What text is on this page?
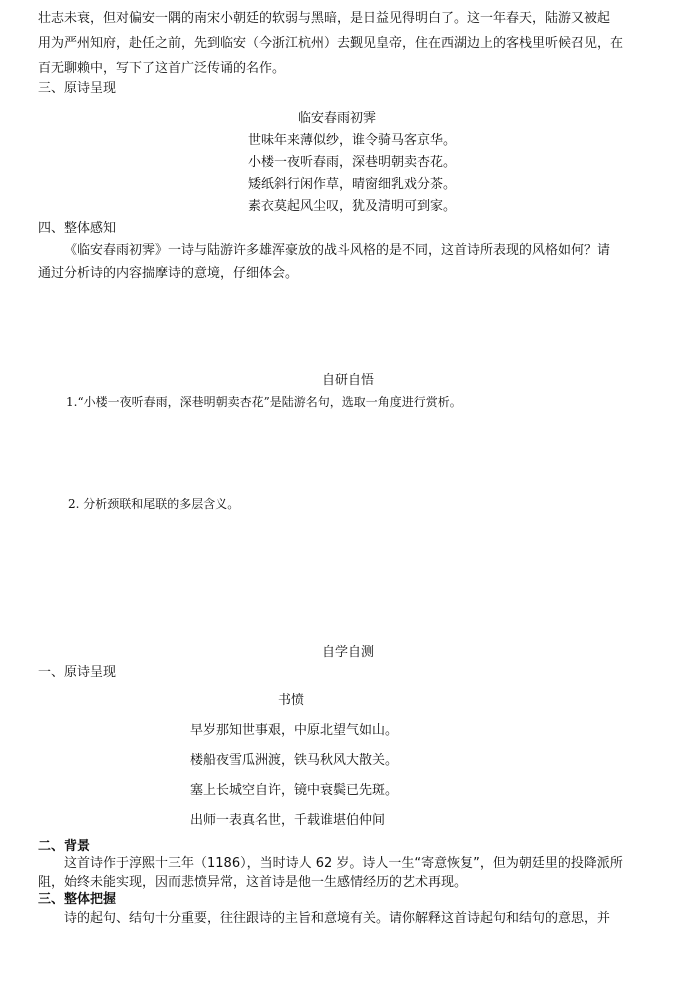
壮志未衰，但对偏安一隅的南宋小朝廷的软弱与黑暗，是日益见得明白了。这一年春天，陆游又被起
用为严州知府，赴任之前，先到临安（今浙江杭州）去觐见皇帝，住在西湖边上的客栈里听候召见，在
百无聊赖中，写下了这首广泛传诵的名作。
三、原诗呈现
临安春雨初霁
世味年来薄似纱，谁令骑马客京华。
小楼一夜听春雨，深巷明朝卖杏花。
矮纸斜行闲作草，晴窗细乳戏分茶。
素衣莫起风尘叹，犹及清明可到家。
四、整体感知
《临安春雨初霁》一诗与陆游许多雄浑豪放的战斗风格的是不同，这首诗所表现的风格如何？请
通过分析诗的内容揣摩诗的意境，仔细体会。
自研自悟
1.“小楼一夜听春雨，深巷明朝卖杏花”是陆游名句，选取一角度进行赏析。
2. 分析颈联和尾联的多层含义。
自学自测
一、原诗呈现
书愤
早岁那知世事艰，中原北望气如山。
楼船夜雪瓜洲渡，铁马秋风大散关。
塞上长城空自许，镜中衰鬓已先斑。
出师一表真名世，千载谁堪伯仲间
二、背景
这首诗作于淳熙十三年（1186），当时诗人 62 岁。诗人一生“寄意恢复”，但为朝廷里的投降派所
阻，始终未能实现，因而悲愤异常，这首诗是他一生感情经历的艺术再现。
三、整体把握
诗的起句、结句十分重要，往往跟诗的主旨和意境有关。请你解释这首诗起句和结句的意思，并
